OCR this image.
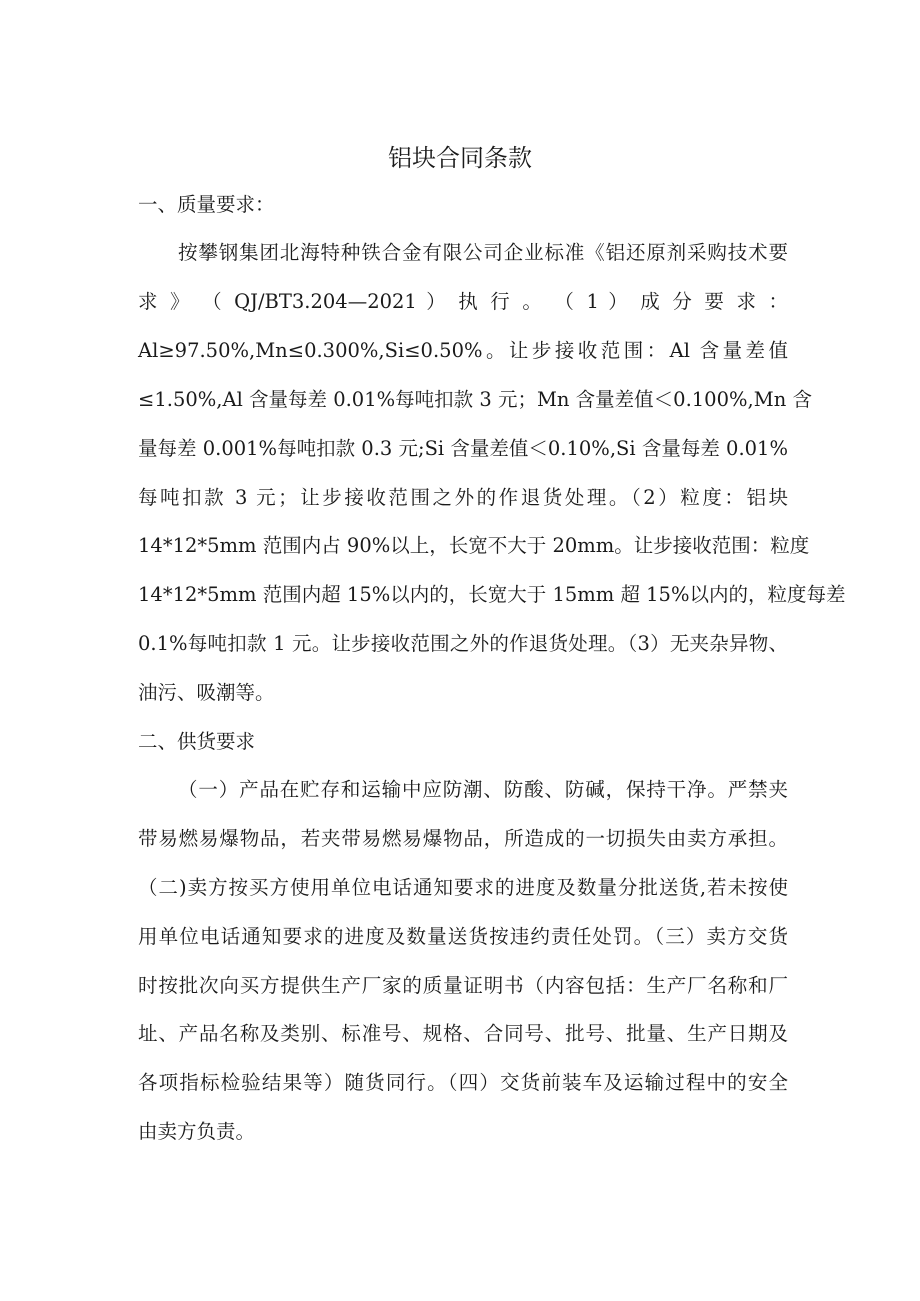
铝块合同条款
一、质量要求：
按攀钢集团北海特种铁合金有限公司企业标准《铝还原剂采购技术要
求 》 （ QJ/BT3.204—2021 ） 执 行 。 （ 1 ） 成 分 要 求 ：
Al≥97.50%,Mn≤0.300%,Si≤0.50%。让步接收范围：Al 含量差值
≤1.50%,Al 含量每差 0.01%每吨扣款 3 元；Mn 含量差值＜0.100%,Mn 含
量每差 0.001%每吨扣款 0.3 元;Si 含量差值＜0.10%,Si 含量每差 0.01%
每吨扣款 3 元；让步接收范围之外的作退货处理。（2）粒度：铝块
14*12*5mm 范围内占 90%以上，长宽不大于 20mm。让步接收范围：粒度
14*12*5mm 范围内超 15%以内的，长宽大于 15mm 超 15%以内的，粒度每差
0.1%每吨扣款 1 元。让步接收范围之外的作退货处理。（3）无夹杂异物、
油污、吸潮等。
二、供货要求
（一）产品在贮存和运输中应防潮、防酸、防碱，保持干净。严禁夹
带易燃易爆物品，若夹带易燃易爆物品，所造成的一切损失由卖方承担。
（二)卖方按买方使用单位电话通知要求的进度及数量分批送货,若未按使
用单位电话通知要求的进度及数量送货按违约责任处罚。（三）卖方交货
时按批次向买方提供生产厂家的质量证明书（内容包括：生产厂名称和厂
址、产品名称及类别、标准号、规格、合同号、批号、批量、生产日期及
各项指标检验结果等）随货同行。（四）交货前装车及运输过程中的安全
由卖方负责。
